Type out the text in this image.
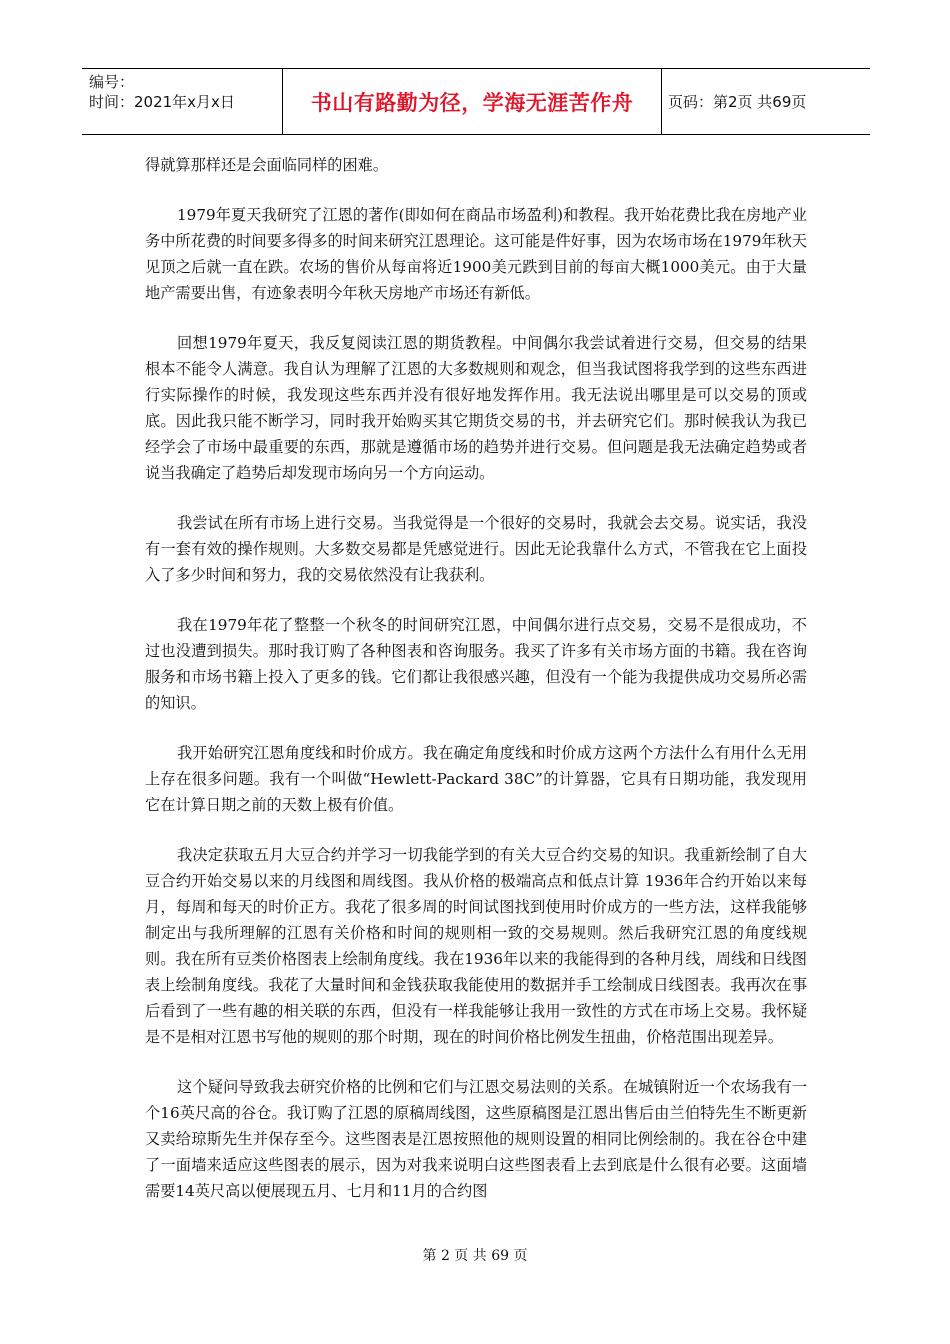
编号：
时间：2021年x月x日	书山有路勤为径，学海无涯苦作舟	页码：第2页 共69页

得就算那样还是会面临同样的困难。

1979年夏天我研究了江恩的著作(即如何在商品市场盈利)和教程。我开始花费比我在房地产业务中所花费的时间要多得多的时间来研究江恩理论。这可能是件好事，因为农场市场在1979年秋天见顶之后就一直在跌。农场的售价从每亩将近1900美元跌到目前的每亩大概1000美元。由于大量地产需要出售，有迹象表明今年秋天房地产市场还有新低。

回想1979年夏天，我反复阅读江恩的期货教程。中间偶尔我尝试着进行交易，但交易的结果根本不能令人满意。我自认为理解了江恩的大多数规则和观念，但当我试图将我学到的这些东西进行实际操作的时候，我发现这些东西并没有很好地发挥作用。我无法说出哪里是可以交易的顶或底。因此我只能不断学习，同时我开始购买其它期货交易的书，并去研究它们。那时候我认为我已经学会了市场中最重要的东西，那就是遵循市场的趋势并进行交易。但问题是我无法确定趋势或者说当我确定了趋势后却发现市场向另一个方向运动。

我尝试在所有市场上进行交易。当我觉得是一个很好的交易时，我就会去交易。说实话，我没有一套有效的操作规则。大多数交易都是凭感觉进行。因此无论我靠什么方式，不管我在它上面投入了多少时间和努力，我的交易依然没有让我获利。

我在1979年花了整整一个秋冬的时间研究江恩，中间偶尔进行点交易，交易不是很成功，不过也没遭到损失。那时我订购了各种图表和咨询服务。我买了许多有关市场方面的书籍。我在咨询服务和市场书籍上投入了更多的钱。它们都让我很感兴趣，但没有一个能为我提供成功交易所必需的知识。

我开始研究江恩角度线和时价成方。我在确定角度线和时价成方这两个方法什么有用什么无用上存在很多问题。我有一个叫做“Hewlett-Packard 38C”的计算器，它具有日期功能，我发现用它在计算日期之前的天数上极有价值。

我决定获取五月大豆合约并学习一切我能学到的有关大豆合约交易的知识。我重新绘制了自大豆合约开始交易以来的月线图和周线图。我从价格的极端高点和低点计算 1936年合约开始以来每月，每周和每天的时价正方。我花了很多周的时间试图找到使用时价成方的一些方法，这样我能够制定出与我所理解的江恩有关价格和时间的规则相一致的交易规则。然后我研究江恩的角度线规则。我在所有豆类价格图表上绘制角度线。我在1936年以来的我能得到的各种月线，周线和日线图表上绘制角度线。我花了大量时间和金钱获取我能使用的数据并手工绘制成日线图表。我再次在事后看到了一些有趣的相关联的东西，但没有一样我能够让我用一致性的方式在市场上交易。我怀疑是不是相对江恩书写他的规则的那个时期，现在的时间价格比例发生扭曲，价格范围出现差异。

这个疑问导致我去研究价格的比例和它们与江恩交易法则的关系。在城镇附近一个农场我有一个16英尺高的谷仓。我订购了江恩的原稿周线图，这些原稿图是江恩出售后由兰伯特先生不断更新又卖给琼斯先生并保存至今。这些图表是江恩按照他的规则设置的相同比例绘制的。我在谷仓中建了一面墙来适应这些图表的展示，因为对我来说明白这些图表看上去到底是什么很有必要。这面墙需要14英尺高以便展现五月、七月和11月的合约图

第 2 页 共 69 页
